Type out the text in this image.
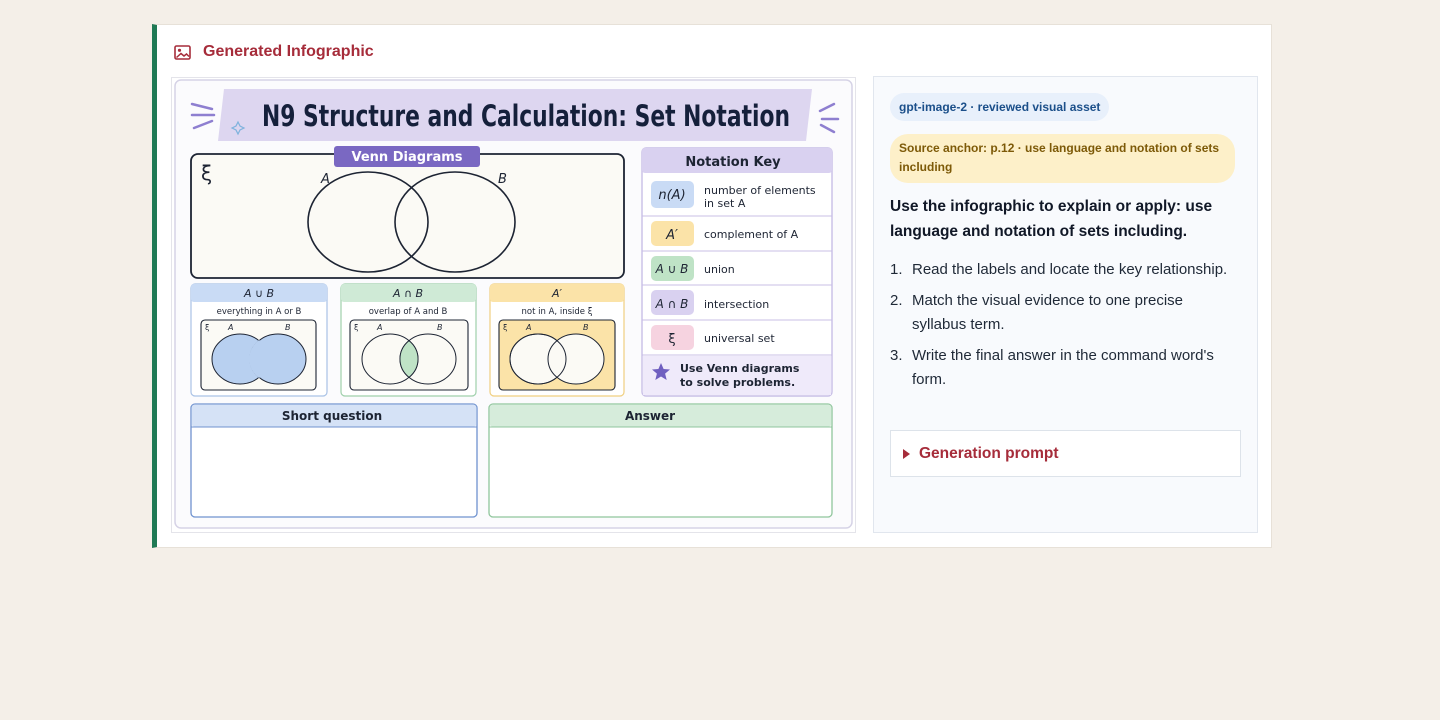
Generated Infographic
N9 Structure and Calculation: Set Notation
Venn Diagrams
ξ	A	B
A ∪ B
everything in A or B
ξ A	B
A ∩ B
overlap of A and B
ξ A	B
A′
not in A, inside ξ
ξ A	B
Notation Key
n(A) number of elements
in set A
A′ complement of A
A ∪ B union
A ∩ B intersection
ξ	universal set
Use Venn diagrams
to solve problems.
Short question	Answer
gpt-image-2 · reviewed visual asset
Source anchor: p.12 · use language and notation of sets including
Use the infographic to explain or apply: use language and notation of sets including.
1. Read the labels and locate the key relationship.
2. Match the visual evidence to one precise syllabus term.
3. Write the final answer in the command word's form.
Generation prompt
